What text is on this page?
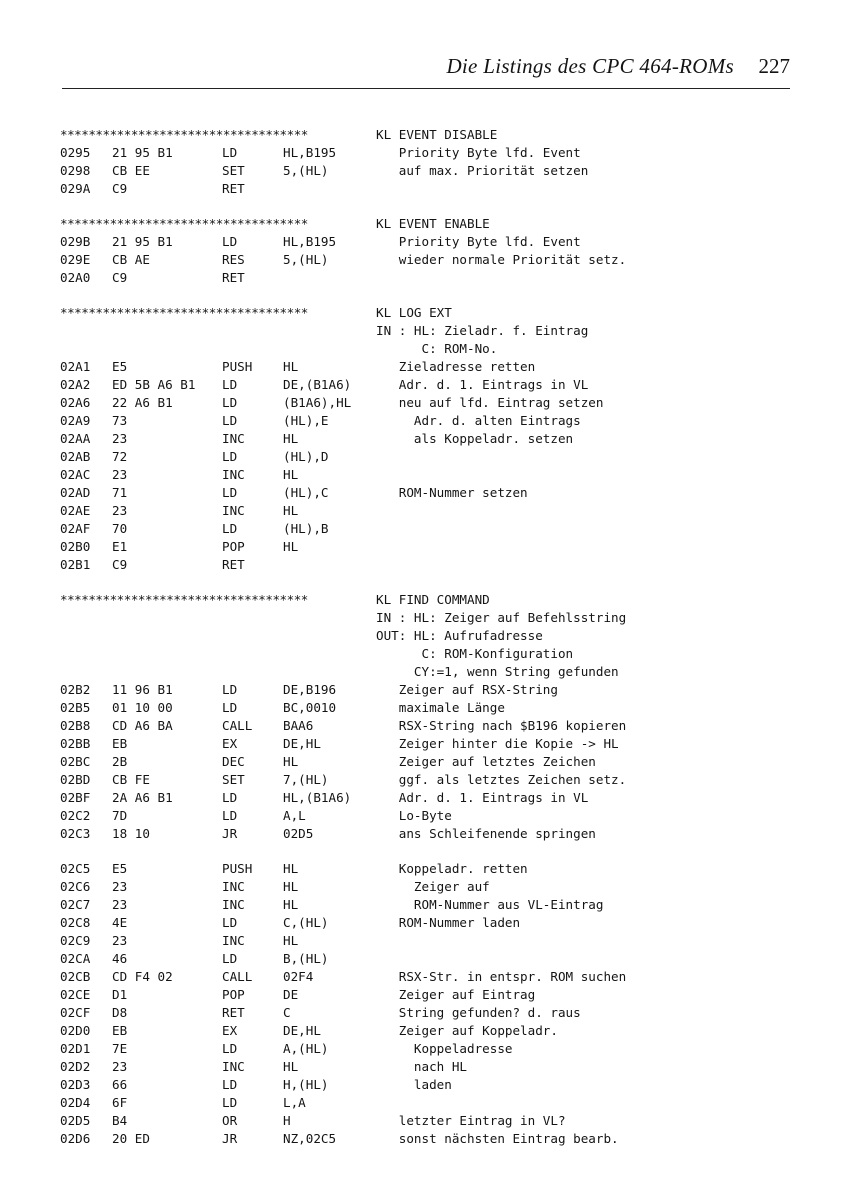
Die Listings des CPC 464-ROMs 227
***********************************	KL EVENT DISABLE
0295 21 95 B1	LD	HL,B195	Priority Byte lfd. Event
0298 CB EE	SET	5,(HL)	auf max. Priorität setzen
029A C9	RET
***********************************	KL EVENT ENABLE
029B 21 95 B1	LD	HL,B195	Priority Byte lfd. Event
029E CB AE	RES	5,(HL)	wieder normale Priorität setz.
02A0 C9	RET
***********************************	KL LOG EXT
IN : HL: Zieladr. f. Eintrag
C: ROM-No.
02A1 E5	PUSH HL	Zieladresse retten
02A2 ED 5B A6 B1 LD	DE,(B1A6) Adr. d. 1. Eintrags in VL
02A6 22 A6 B1	LD	(B1A6),HL neu auf lfd. Eintrag setzen
02A9 73	LD	(HL),E	Adr. d. alten Eintrags
02AA 23	INC	HL	als Koppeladr. setzen
02AB 72	LD	(HL),D
02AC 23	INC	HL
02AD 71	LD	(HL),C	ROM-Nummer setzen
02AE 23	INC	HL
02AF 70	LD	(HL),B
02B0 E1	POP	HL
02B1 C9	RET
***********************************	KL FIND COMMAND
IN : HL: Zeiger auf Befehlsstring
OUT: HL: Aufrufadresse
C: ROM-Konfiguration
CY:=1, wenn String gefunden
02B2 11 96 B1	LD	DE,B196	Zeiger auf RSX-String
02B5 01 10 00	LD	BC,0010	maximale Länge
02B8 CD A6 BA	CALL BAA6	RSX-String nach $B196 kopieren
02BB EB	EX	DE,HL	Zeiger hinter die Kopie -> HL
02BC 2B	DEC	HL	Zeiger auf letztes Zeichen
02BD CB FE	SET	7,(HL)	ggf. als letztes Zeichen setz.
02BF 2A A6 B1	LD	HL,(B1A6) Adr. d. 1. Eintrags in VL
02C2 7D	LD	A,L	Lo-Byte
02C3 18 10	JR	02D5	ans Schleifenende springen
02C5 E5	PUSH HL	Koppeladr. retten
02C6 23	INC	HL	Zeiger auf
02C7 23	INC	HL	ROM-Nummer aus VL-Eintrag
02C8 4E	LD	C,(HL)	ROM-Nummer laden
02C9 23	INC	HL
02CA 46	LD	B,(HL)
02CB CD F4 02	CALL 02F4	RSX-Str. in entspr. ROM suchen
02CE D1	POP	DE	Zeiger auf Eintrag
02CF D8	RET	C	String gefunden? d. raus
02D0 EB	EX	DE,HL	Zeiger auf Koppeladr.
02D1 7E	LD	A,(HL)	Koppeladresse
02D2 23	INC	HL	nach HL
02D3 66	LD	H,(HL)	laden
02D4 6F	LD	L,A
02D5 B4	OR	H	letzter Eintrag in VL?
02D6 20 ED	JR	NZ,02C5	sonst nächsten Eintrag bearb.
